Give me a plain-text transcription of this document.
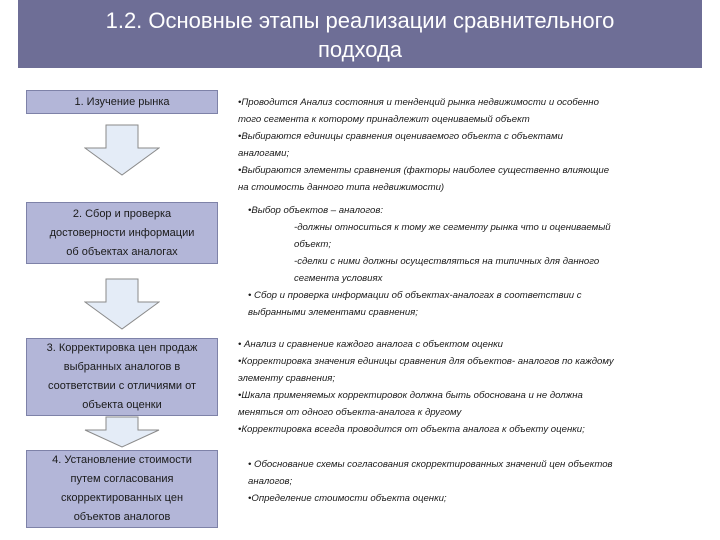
1.2. Основные этапы реализации сравнительного
подхода
1. Изучение рынка
2. Сбор и проверка
достоверности информации
об объектах аналогах
3. Корректировка цен продаж
выбранных аналогов в
соответствии с отличиями от
объекта оценки
4. Установление стоимости
путем согласования
скорректированных цен
объектов аналогов
•Проводится Анализ состояния и тенденций рынка недвижимости и особенно
того сегмента к которому принадлежит оцениваемый объект
•Выбираются единицы сравнения оцениваемого объекта с объектами
аналогами;
•Выбираются элементы сравнения (факторы наиболее существенно влияющие
на стоимость данного типа недвижимости)
•Выбор объектов – аналогов:
-должны относиться к тому же сегменту рынка что и оцениваемый
объект;
-сделки с ними должны осуществляться на типичных для данного
сегмента условиях
• Сбор и проверка информации об объектах-аналогах в соответствии с
выбранными элементами сравнения;
• Анализ и сравнение каждого аналога с объектом оценки
•Корректировка значения единицы сравнения для объектов- аналогов по каждому
элементу сравнения;
•Шкала применяемых корректировок должна быть обоснована и не должна
меняться от одного объекта-аналога к другому
•Корректировка всегда проводится от объекта аналога к объекту оценки;
• Обоснование схемы согласования скорректированных значений цен объектов
аналогов;
•Определение стоимости объекта оценки;
